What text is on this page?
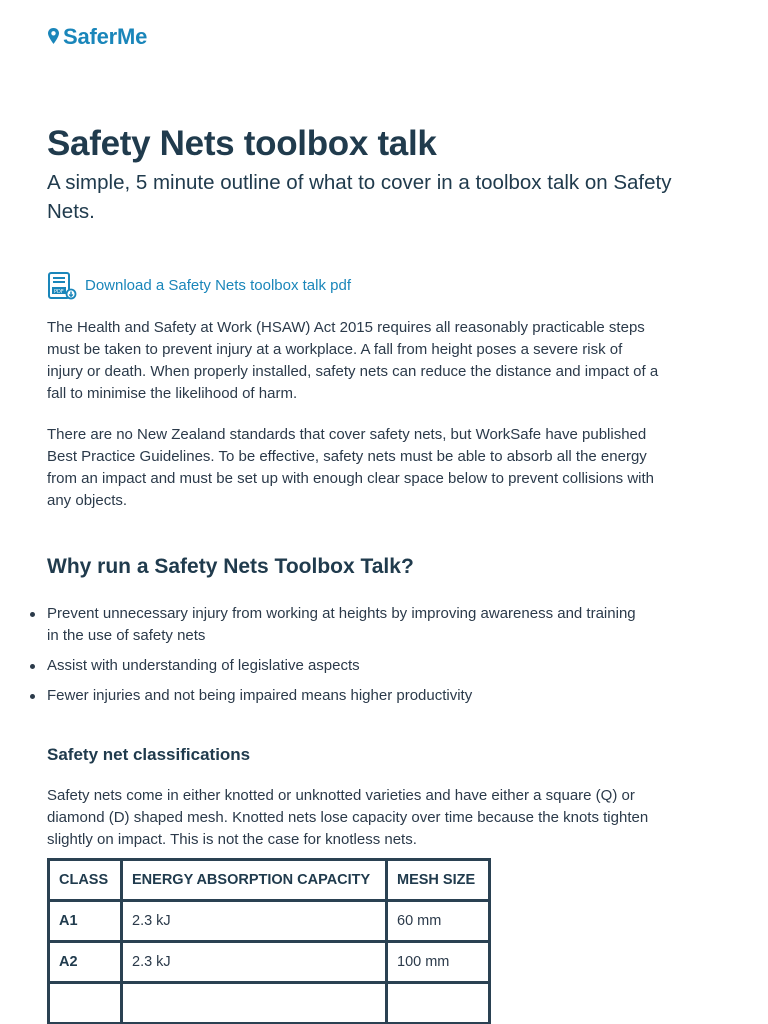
SaferMe
Safety Nets toolbox talk

A simple, 5 minute outline of what to cover in a toolbox talk on Safety Nets.

PDF Download a Safety Nets toolbox talk pdf

The Health and Safety at Work (HSAW) Act 2015 requires all reasonably practicable steps must be taken to prevent injury at a workplace. A fall from height poses a severe risk of injury or death. When properly installed, safety nets can reduce the distance and impact of a fall to minimise the likelihood of harm.

There are no New Zealand standards that cover safety nets, but WorkSafe have published Best Practice Guidelines. To be effective, safety nets must be able to absorb all the energy from an impact and must be set up with enough clear space below to prevent collisions with any objects.

Why run a Safety Nets Toolbox Talk?
Prevent unnecessary injury from working at heights by improving awareness and training in the use of safety nets
Assist with understanding of legislative aspects
Fewer injuries and not being impaired means higher productivity
Safety net classifications

Safety nets come in either knotted or unknotted varieties and have either a square (Q) or diamond (D) shaped mesh. Knotted nets lose capacity over time because the knots tighten slightly on impact. This is not the case for knotless nets.

CLASS	ENERGY ABSORPTION CAPACITY	MESH SIZE
A1	2.3 kJ	60 mm
A2	2.3 kJ	100 mm
